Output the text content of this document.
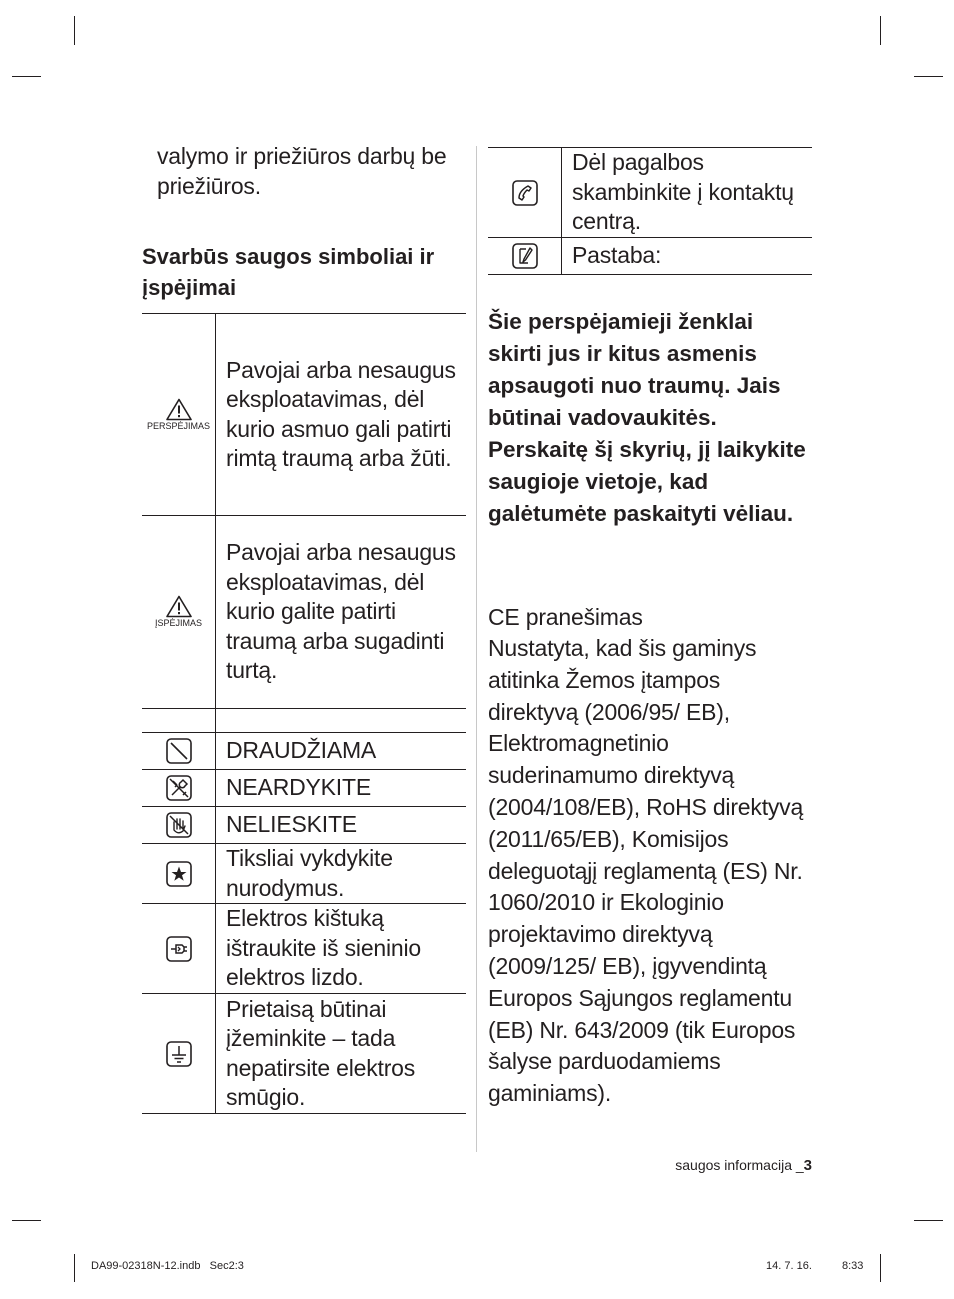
valymo ir priežiūros darbų be priežiūros.
Svarbūs saugos simboliai ir įspėjimai
PERSPĖJIMAS	Pavojai arba nesaugus eksploatavimas, dėl kurio asmuo gali patirti rimtą traumą arba žūti.

ĮSPĖJIMAS	Pavojai arba nesaugus eksploatavimas, dėl kurio galite patirti traumą arba sugadinti turtą.

	DRAUDŽIAMA

	NEARDYKITE

	NELIESKITE

	Tiksliai vykdykite nurodymus.

	Elektros kištuką ištraukite iš sieninio elektros lizdo.

	Prietaisą būtinai įžeminkite – tada nepatirsite elektros smūgio.
	Dėl pagalbos skambinkite į kontaktų centrą.

	Pastaba:
Šie perspėjamieji ženklai skirti jus ir kitus asmenis apsaugoti nuo traumų. Jais būtinai vadovaukitės. Perskaitę šį skyrių, jį laikykite saugioje vietoje, kad galėtumėte paskaityti vėliau.
CE pranešimas
Nustatyta, kad šis gaminys atitinka Žemos įtampos direktyvą (2006/95/ EB), Elektromagnetinio suderinamumo direktyvą (2004/108/EB), RoHS direktyvą (2011/65/EB), Komisijos deleguotąjį reglamentą (ES) Nr. 1060/2010 ir Ekologinio projektavimo direktyvą (2009/125/ EB), įgyvendintą Europos Sąjungos reglamentu (EB) Nr. 643/2009 (tik Europos šalyse parduodamiems gaminiams).
saugos informacija _3
DA99-02318N-12.indb   Sec2:3	14. 7. 16.	8:33
